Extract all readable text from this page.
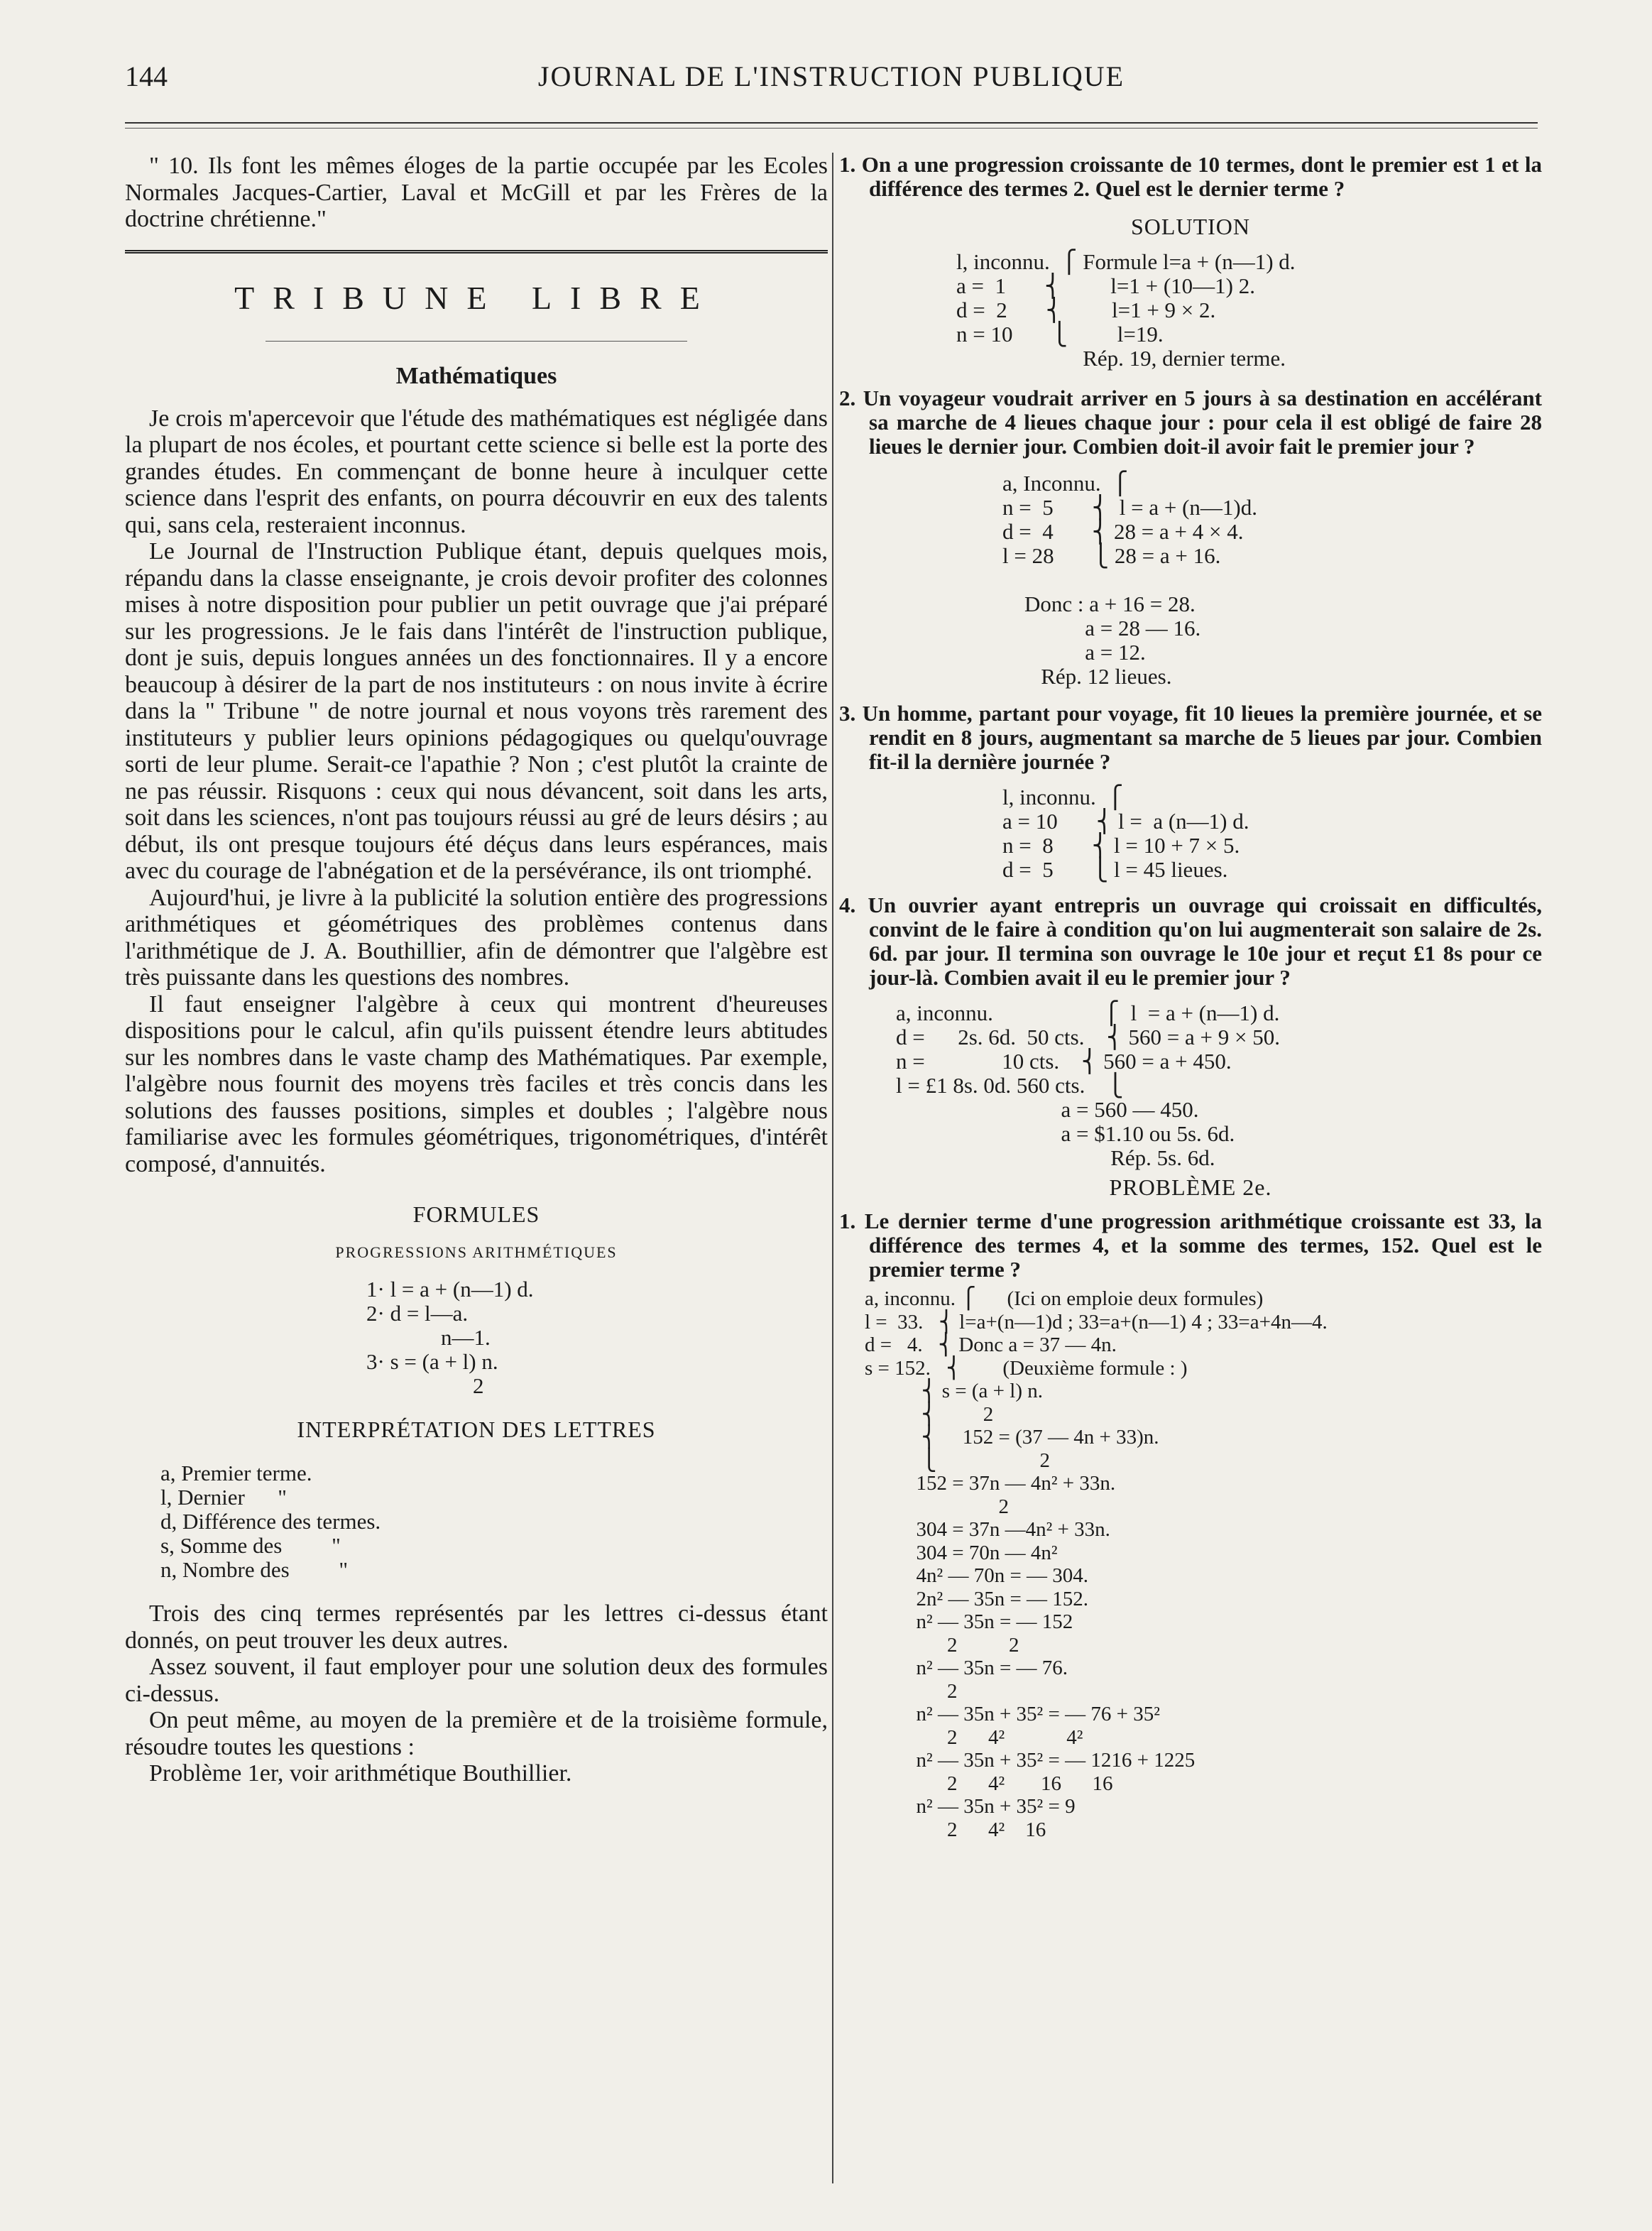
144	JOURNAL DE L'INSTRUCTION PUBLIQUE

" 10. Ils font les mêmes éloges de la partie occupée par les Ecoles Normales Jacques-Cartier, Laval et McGill et par les Frères de la doctrine chrétienne."

TRIBUNE LIBRE

Mathématiques

Je crois m'apercevoir que l'étude des mathématiques est négligée dans la plupart de nos écoles, et pourtant cette science si belle est la porte des grandes études. En commençant de bonne heure à inculquer cette science dans l'esprit des enfants, on pourra découvrir en eux des talents qui, sans cela, resteraient inconnus.

Le Journal de l'Instruction Publique étant, depuis quelques mois, répandu dans la classe enseignante, je crois devoir profiter des colonnes mises à notre disposition pour publier un petit ouvrage que j'ai préparé sur les progressions. Je le fais dans l'intérêt de l'instruction publique, dont je suis, depuis longues années un des fonctionnaires. Il y a encore beaucoup à désirer de la part de nos instituteurs : on nous invite à écrire dans la " Tribune " de notre journal et nous voyons très rarement des instituteurs y publier leurs opinions pédagogiques ou quelqu'ouvrage sorti de leur plume. Serait-ce l'apathie ? Non ; c'est plutôt la crainte de ne pas réussir. Risquons : ceux qui nous dévancent, soit dans les arts, soit dans les sciences, n'ont pas toujours réussi au gré de leurs désirs ; au début, ils ont presque toujours été déçus dans leurs espérances, mais avec du courage de l'abnégation et de la persévérance, ils ont triomphé.

Aujourd'hui, je livre à la publicité la solution entière des progressions arithmétiques et géométriques des problèmes contenus dans l'arithmétique de J. A. Bouthillier, afin de démontrer que l'algèbre est très puissante dans les questions des nombres.

Il faut enseigner l'algèbre à ceux qui montrent d'heureuses dispositions pour le calcul, afin qu'ils puissent étendre leurs abtitudes sur les nombres dans le vaste champ des Mathématiques. Par exemple, l'algèbre nous fournit des moyens très faciles et très concis dans les solutions des fausses positions, simples et doubles ; l'algèbre nous familiarise avec les formules géométriques, trigonométriques, d'intérêt composé, d'annuités.

FORMULES

PROGRESSIONS ARITHMÉTIQUES

1· l = a + (n—1) d.

2· d = l—a.

n—1.

3· s = (a + l) n.

2

INTERPRÉTATION DES LETTRES

a, Premier terme.

l, Dernier      "

d, Différence des termes.

s, Somme des         "

n, Nombre des         "

Trois des cinq termes représentés par les lettres ci-dessus étant donnés, on peut trouver les deux autres.

Assez souvent, il faut employer pour une solution deux des formules ci-dessus.

On peut même, au moyen de la première et de la troisième formule, résoudre toutes les questions :

Problème 1er, voir arithmétique Bouthillier.

1. On a une progression croissante de 10 termes, dont le premier est 1 et la différence des termes 2. Quel est le dernier terme ?

SOLUTION

l, inconnu.  ⎧ Formule l=a + (n—1) d.
a =  1       ⎨         l=1 + (10—1) 2.
d =  2       ⎨         l=1 + 9 × 2.
n = 10       ⎩         l=19.
Rép. 19, dernier terme.

2. Un voyageur voudrait arriver en 5 jours à sa destination en accélérant sa marche de 4 lieues chaque jour : pour cela il est obligé de faire 28 lieues le dernier jour. Combien doit-il avoir fait le premier jour ?

a, Inconnu.  ⎧
n =  5       ⎨  l = a + (n—1)d.
d =  4       ⎨ 28 = a + 4 × 4.
l = 28       ⎩ 28 = a + 16.

Donc : a + 16 = 28.
a = 28 — 16.
a = 12.
Rép. 12 lieues.

3. Un homme, partant pour voyage, fit 10 lieues la première journée, et se rendit en 8 jours, augmentant sa marche de 5 lieues par jour. Combien fit-il la dernière journée ?

l, inconnu.  ⎧
a = 10       ⎨ l =  a (n—1) d.
n =  8       ⎨ l = 10 + 7 × 5.
d =  5       ⎩ l = 45 lieues.

4. Un ouvrier ayant entrepris un ouvrage qui croissait en difficultés, convint de le faire à condition qu'on lui augmenterait son salaire de 2s. 6d. par jour. Il termina son ouvrage le 10e jour et reçut £1 8s pour ce jour-là. Combien avait il eu le premier jour ?

a, inconnu.                    ⎧  l  = a + (n—1) d.
d =      2s. 6d.  50 cts.    ⎨ 560 = a + 9 × 50.
n =              10 cts.    ⎨ 560 = a + 450.
l = £1 8s. 0d. 560 cts.    ⎩
a = 560 — 450.
a = $1.10 ou 5s. 6d.
Rép. 5s. 6d.

PROBLÈME 2e.

1. Le dernier terme d'une progression arithmétique croissante est 33, la différence des termes 4, et la somme des termes, 152. Quel est le premier terme ?

a, inconnu. ⎧      (Ici on emploie deux formules)
l =  33.   ⎨ l=a+(n—1)d ; 33=a+(n—1) 4 ; 33=a+4n—4.
d =   4.   ⎨ Donc a = 37 — 4n.
s = 152.   ⎨        (Deuxième formule : )
⎨ s = (a + l) n.
⎨         2
⎨     152 = (37 — 4n + 33)n.
⎩                    2
152 = 37n — 4n² + 33n.
2
304 = 37n —4n² + 33n.
304 = 70n — 4n²
4n² — 70n = — 304.
2n² — 35n = — 152.
n² — 35n = — 152
2          2
n² — 35n = — 76.
2
n² — 35n + 35² = — 76 + 35²
2      4²            4²
n² — 35n + 35² = — 1216 + 1225
2      4²       16      16
n² — 35n + 35² = 9
2      4²    16
